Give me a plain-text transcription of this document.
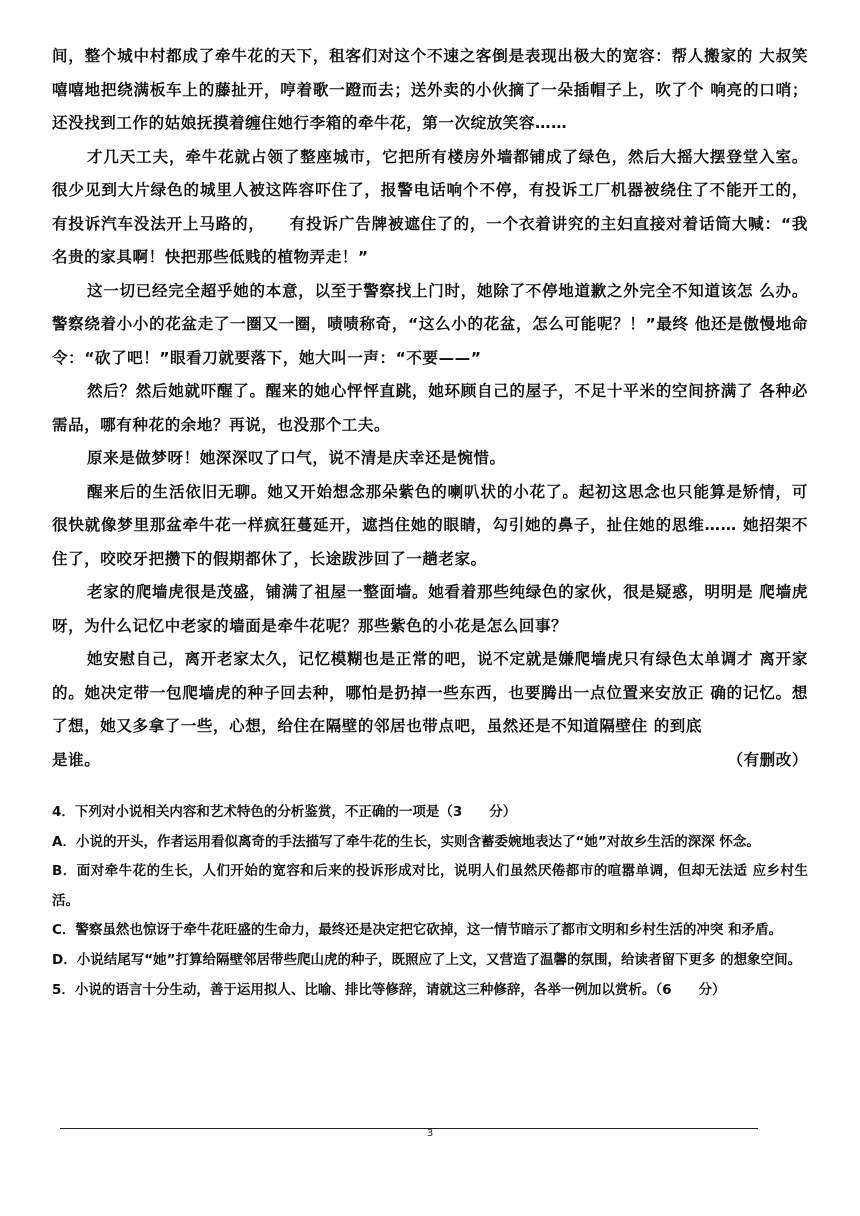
间，整个城中村都成了牵牛花的天下，租客们对这个不速之客倒是表现出极大的宽容：帮人搬家的 大叔笑嘻嘻地把绕满板车上的藤扯开，哼着歌一蹬而去；送外卖的小伙摘了一朵插帽子上，吹了个 响亮的口哨；还没找到工作的姑娘抚摸着缠住她行李箱的牵牛花，第一次绽放笑容……

才几天工夫，牵牛花就占领了整座城市，它把所有楼房外墙都铺成了绿色，然后大摇大摆登堂入室。很少见到大片绿色的城里人被这阵容吓住了，报警电话响个不停，有投诉工厂机器被绕住了不能开工的，有投诉汽车没法开上马路的，　　有投诉广告牌被遮住了的，一个衣着讲究的主妇直接对着话筒大喊：“我名贵的家具啊！快把那些低贱的植物弄走！”

这一切已经完全超乎她的本意，以至于警察找上门时，她除了不停地道歉之外完全不知道该怎 么办。警察绕着小小的花盆走了一圈又一圈，啧啧称奇，“这么小的花盆，怎么可能呢？！”最终 他还是傲慢地命令：“砍了吧！”眼看刀就要落下，她大叫一声：“不要——”

然后？然后她就吓醒了。醒来的她心怦怦直跳，她环顾自己的屋子，不足十平米的空间挤满了 各种必需品，哪有种花的余地？再说，也没那个工夫。

原来是做梦呀！她深深叹了口气，说不清是庆幸还是惋惜。

醒来后的生活依旧无聊。她又开始想念那朵紫色的喇叭状的小花了。起初这思念也只能算是矫情，可很快就像梦里那盆牵牛花一样疯狂蔓延开，遮挡住她的眼睛，勾引她的鼻子，扯住她的思维…… 她招架不住了，咬咬牙把攒下的假期都休了，长途跋涉回了一趟老家。

老家的爬墙虎很是茂盛，铺满了祖屋一整面墙。她看着那些纯绿色的家伙，很是疑惑，明明是 爬墙虎呀，为什么记忆中老家的墙面是牵牛花呢？那些紫色的小花是怎么回事？

她安慰自己，离开老家太久，记忆模糊也是正常的吧，说不定就是嫌爬墙虎只有绿色太单调才 离开家的。她决定带一包爬墙虎的种子回去种，哪怕是扔掉一些东西，也要腾出一点位置来安放正 确的记忆。想了想，她又多拿了一些，心想，给住在隔壁的邻居也带点吧，虽然还是不知道隔壁住 的到底

是谁。	（有删改）

4．下列对小说相关内容和艺术特色的分析鉴赏，不正确的一项是（3　　分）

A．小说的开头，作者运用看似离奇的手法描写了牵牛花的生长，实则含蓄委婉地表达了“她”对故乡生活的深深 怀念。

B．面对牵牛花的生长，人们开始的宽容和后来的投诉形成对比，说明人们虽然厌倦都市的喧嚣单调，但却无法适 应乡村生活。

C．警察虽然也惊讶于牵牛花旺盛的生命力，最终还是决定把它砍掉，这一情节暗示了都市文明和乡村生活的冲突 和矛盾。

D．小说结尾写“她”打算给隔壁邻居带些爬山虎的种子，既照应了上文，又营造了温馨的氛围，给读者留下更多 的想象空间。

5．小说的语言十分生动，善于运用拟人、比喻、排比等修辞，请就这三种修辞，各举一例加以赏析。（6　　分）

3
